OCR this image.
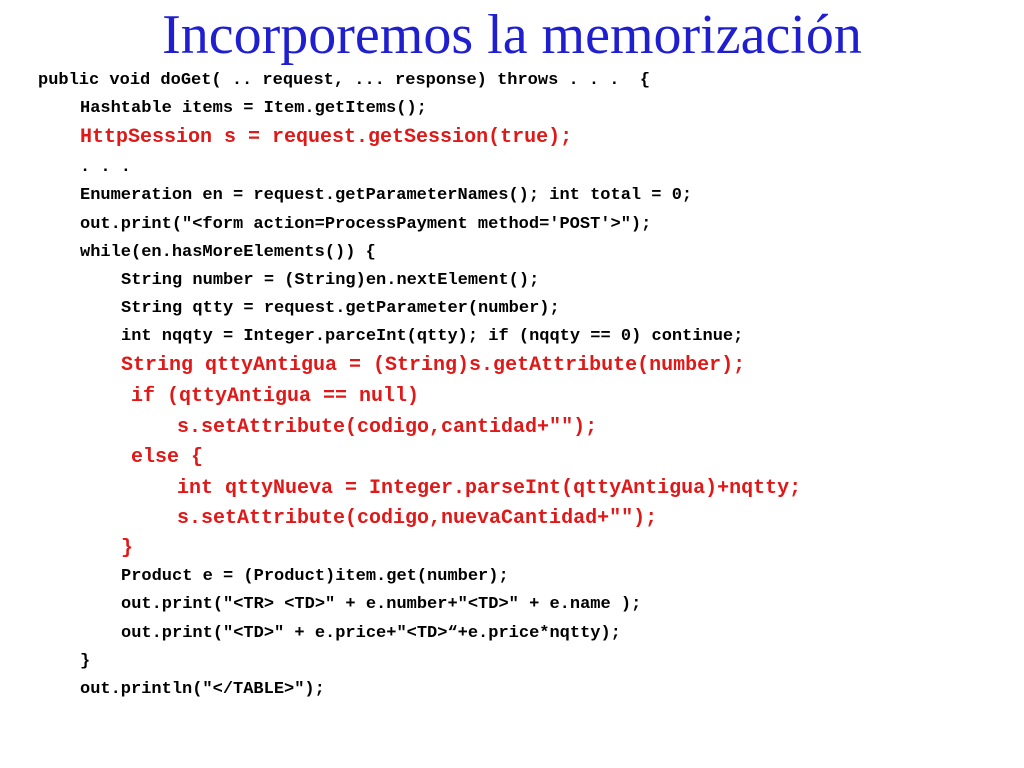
Incorporemos la memorización
public void doGet( .. request, ... response) throws . . .  {
Hashtable items = Item.getItems();
HttpSession s = request.getSession(true);
. . .
Enumeration en = request.getParameterNames(); int total = 0;
out.print("<form action=ProcessPayment method='POST'>");
while(en.hasMoreElements()) {
String number = (String)en.nextElement();
String qtty = request.getParameter(number);
int nqqty = Integer.parceInt(qtty); if (nqqty == 0) continue;
String qttyAntigua = (String)s.getAttribute(number);
if (qttyAntigua == null)
s.setAttribute(codigo,cantidad+"");
else {
int qttyNueva = Integer.parseInt(qttyAntigua)+nqtty;
s.setAttribute(codigo,nuevaCantidad+"");
}
Product e = (Product)item.get(number);
out.print("<TR> <TD>" + e.number+"<TD>" + e.name );
out.print("<TD>" + e.price+"<TD>“+e.price*nqtty);
}
out.println("</TABLE>");
